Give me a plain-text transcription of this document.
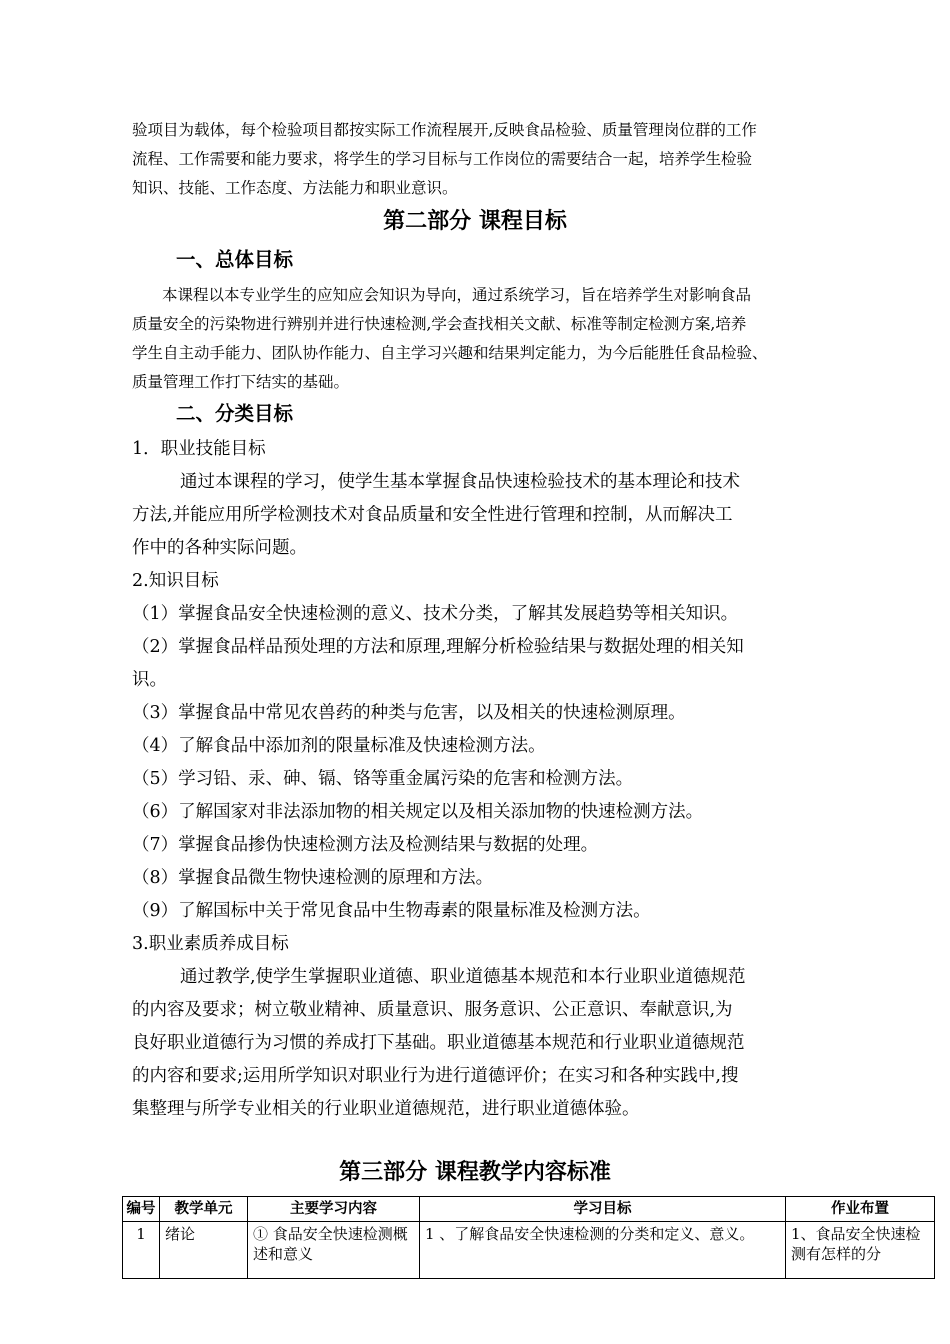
验项目为载体，每个检验项目都按实际工作流程展开,反映食品检验、质量管理岗位群的工作
流程、工作需要和能力要求，将学生的学习目标与工作岗位的需要结合一起，培养学生检验
知识、技能、工作态度、方法能力和职业意识。
第二部分 课程目标
一、总体目标
本课程以本专业学生的应知应会知识为导向，通过系统学习，旨在培养学生对影响食品
质量安全的污染物进行辨别并进行快速检测,学会查找相关文献、标准等制定检测方案,培养
学生自主动手能力、团队协作能力、自主学习兴趣和结果判定能力，为今后能胜任食品检验、
质量管理工作打下结实的基础。
二、分类目标
1．职业技能目标
通过本课程的学习，使学生基本掌握食品快速检验技术的基本理论和技术
方法,并能应用所学检测技术对食品质量和安全性进行管理和控制，从而解决工
作中的各种实际问题。
2.知识目标
（1）掌握食品安全快速检测的意义、技术分类，了解其发展趋势等相关知识。
（2）掌握食品样品预处理的方法和原理,理解分析检验结果与数据处理的相关知
识。
（3）掌握食品中常见农兽药的种类与危害，以及相关的快速检测原理。
（4）了解食品中添加剂的限量标准及快速检测方法。
（5）学习铅、汞、砷、镉、铬等重金属污染的危害和检测方法。
（6）了解国家对非法添加物的相关规定以及相关添加物的快速检测方法。
（7）掌握食品掺伪快速检测方法及检测结果与数据的处理。
（8）掌握食品微生物快速检测的原理和方法。
（9）了解国标中关于常见食品中生物毒素的限量标准及检测方法。
3.职业素质养成目标
通过教学,使学生掌握职业道德、职业道德基本规范和本行业职业道德规范
的内容及要求；树立敬业精神、质量意识、服务意识、公正意识、奉献意识,为
良好职业道德行为习惯的养成打下基础。职业道德基本规范和行业职业道德规范
的内容和要求;运用所学知识对职业行为进行道德评价；在实习和各种实践中,搜
集整理与所学专业相关的行业职业道德规范，进行职业道德体验。
第三部分 课程教学内容标准
编号	教学单元	主要学习内容	学习目标	作业布置
1	绪论	① 食品安全快速检测概述和意义	1 、了解食品安全快速检测的分类和定义、意义。	1、食品安全快速检测有怎样的分
